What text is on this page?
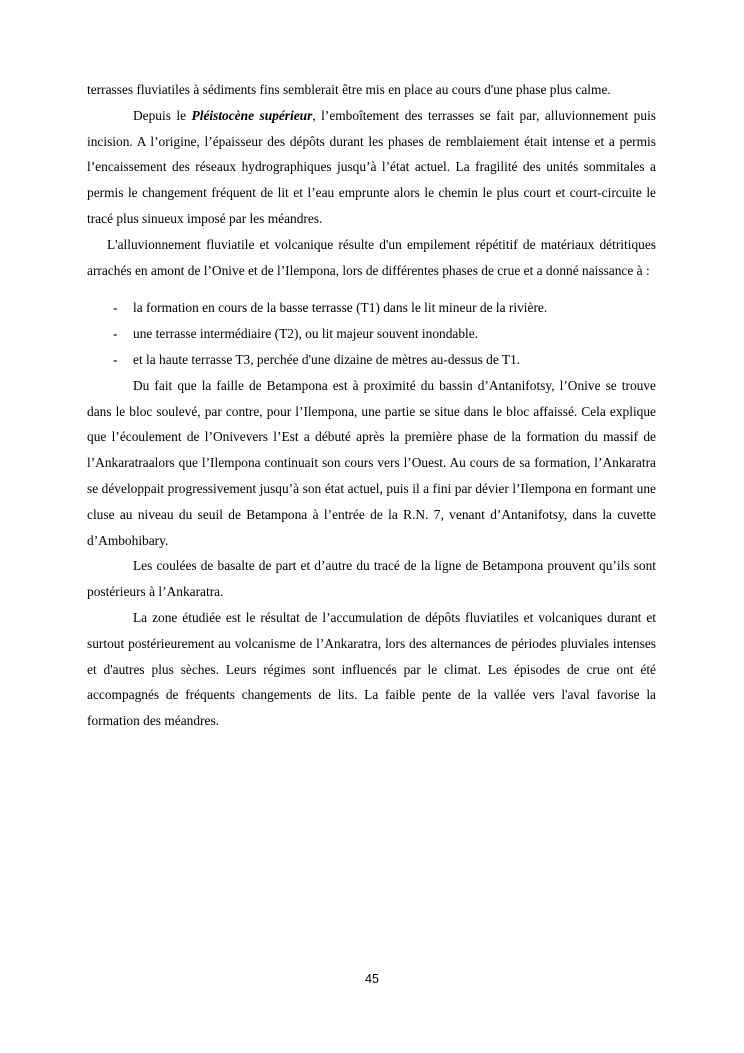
terrasses fluviatiles à sédiments fins semblerait être mis en place au cours d'une phase plus calme.

Depuis le Pléistocène supérieur, l’emboîtement des terrasses se fait par, alluvionnement puis incision. A l’origine, l’épaisseur des dépôts durant les phases de remblaiement était intense et a permis l’encaissement des réseaux hydrographiques jusqu’à l’état actuel. La fragilité des unités sommitales a permis le changement fréquent de lit et l’eau emprunte alors le chemin le plus court et court-circuite le tracé plus sinueux imposé par les méandres.

L'alluvionnement fluviatile et volcanique résulte d'un empilement répétitif de matériaux détritiques arrachés en amont de l’Onive et de l’Ilempona, lors de différentes phases de crue et a donné naissance à :

- la formation en cours de la basse terrasse (T1) dans le lit mineur de la rivière.
- une terrasse intermédiaire (T2), ou lit majeur souvent inondable.
- et la haute terrasse T3, perchée d'une dizaine de mètres au-dessus de T1.

Du fait que la faille de Betampona est à proximité du bassin d’Antanifotsy, l’Onive se trouve dans le bloc soulevé, par contre, pour l’Ilempona, une partie se situe dans le bloc affaissé. Cela explique que l’écoulement de l’Onivevers l’Est a débuté après la première phase de la formation du massif de l’Ankaratraalors que l’Ilempona continuait son cours vers l’Ouest. Au cours de sa formation, l’Ankaratra se développait progressivement jusqu’à son état actuel, puis il a fini par dévier l’Ilempona en formant une cluse au niveau du seuil de Betampona à l’entrée de la R.N. 7, venant d’Antanifotsy, dans la cuvette d’Ambohibary.

Les coulées de basalte de part et d’autre du tracé de la ligne de Betampona prouvent qu’ils sont postérieurs à l’Ankaratra.

La zone étudiée est le résultat de l’accumulation de dépôts fluviatiles et volcaniques durant et surtout postérieurement au volcanisme de l’Ankaratra, lors des alternances de périodes pluviales intenses et d'autres plus sèches. Leurs régimes sont influencés par le climat. Les épisodes de crue ont été accompagnés de fréquents changements de lits. La faible pente de la vallée vers l'aval favorise la formation des méandres.

45
